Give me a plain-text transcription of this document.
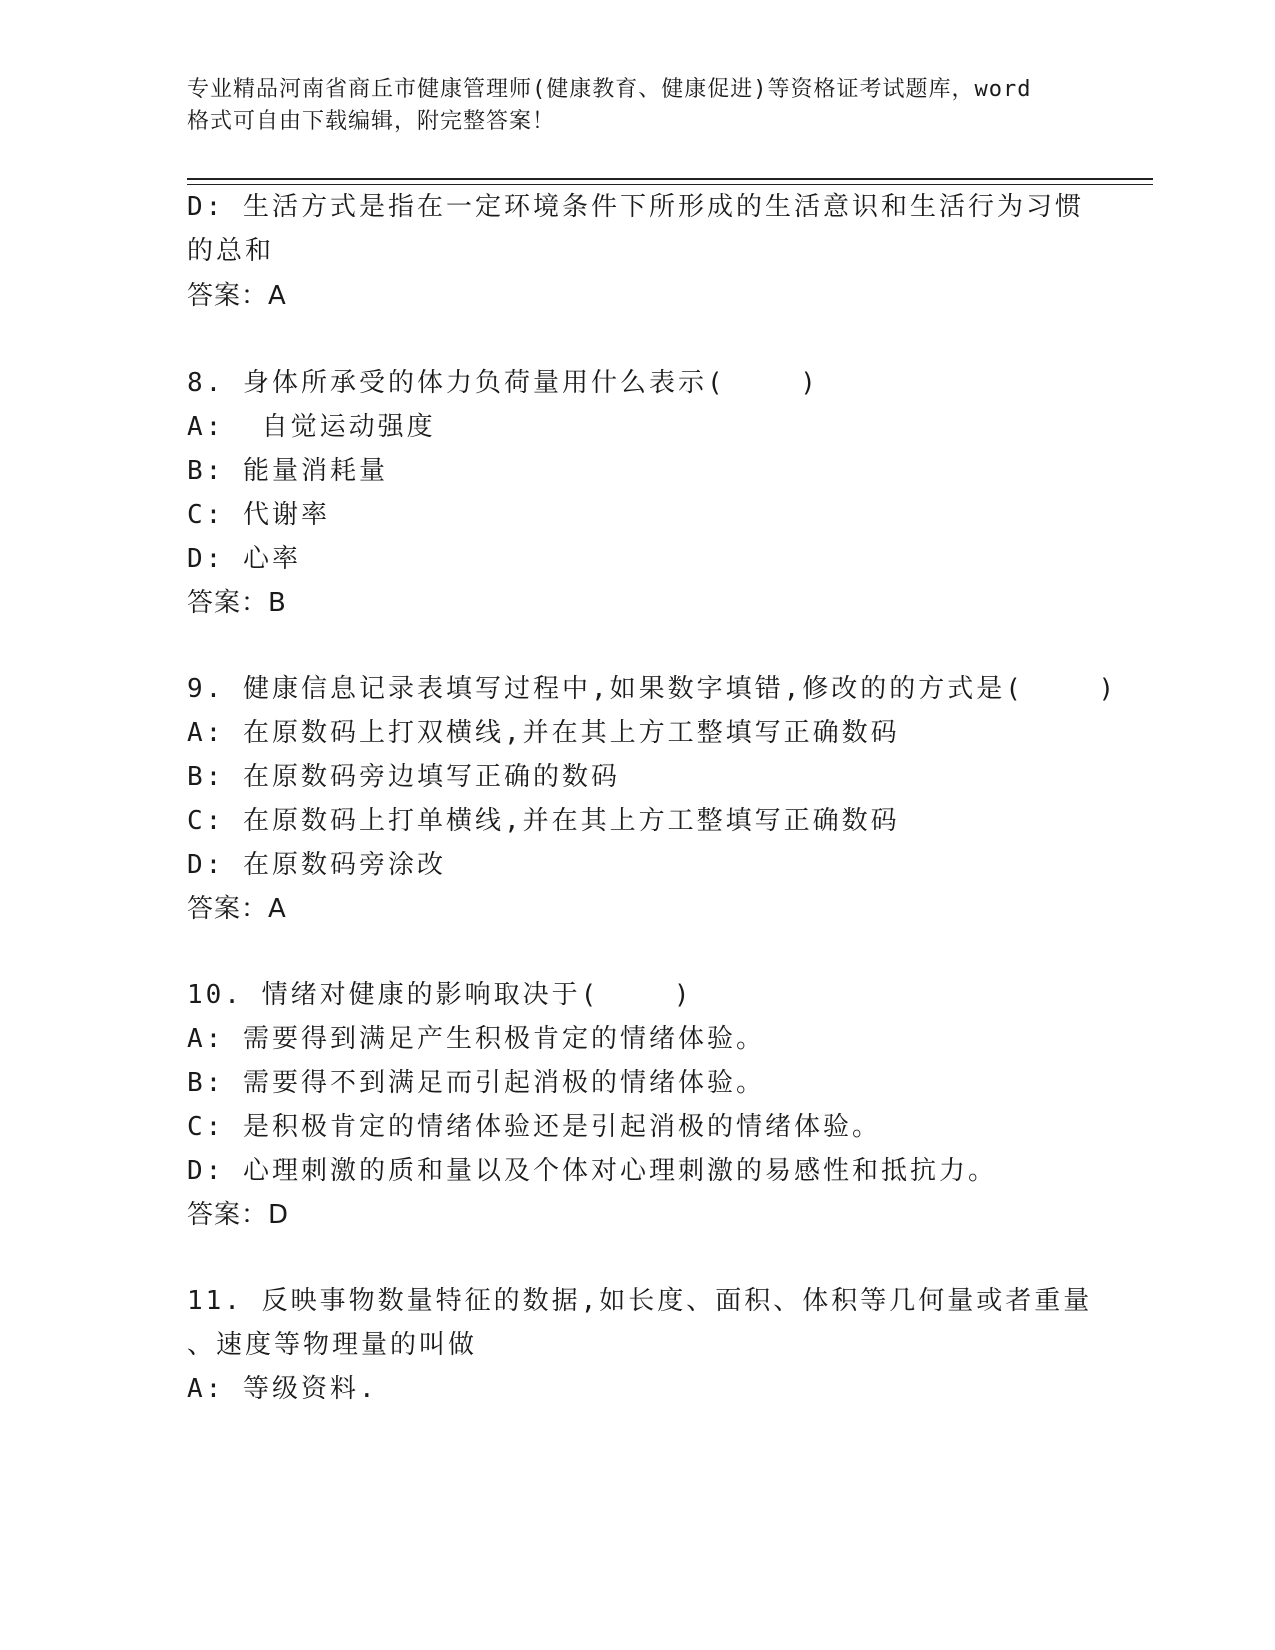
专业精品河南省商丘市健康管理师(健康教育、健康促进)等资格证考试题库，word
格式可自由下载编辑，附完整答案！
D: 生活方式是指在一定环境条件下所形成的生活意识和生活行为习惯
的总和
答案：A
8. 身体所承受的体力负荷量用什么表示(    )
A:  自觉运动强度
B: 能量消耗量
C: 代谢率
D: 心率
答案：B
9. 健康信息记录表填写过程中,如果数字填错,修改的的方式是(    )
A: 在原数码上打双横线,并在其上方工整填写正确数码
B: 在原数码旁边填写正确的数码
C: 在原数码上打单横线,并在其上方工整填写正确数码
D: 在原数码旁涂改
答案：A
10. 情绪对健康的影响取决于(    )
A: 需要得到满足产生积极肯定的情绪体验。
B: 需要得不到满足而引起消极的情绪体验。
C: 是积极肯定的情绪体验还是引起消极的情绪体验。
D: 心理刺激的质和量以及个体对心理刺激的易感性和抵抗力。
答案：D
11. 反映事物数量特征的数据,如长度、面积、体积等几何量或者重量
、速度等物理量的叫做
A: 等级资料.
